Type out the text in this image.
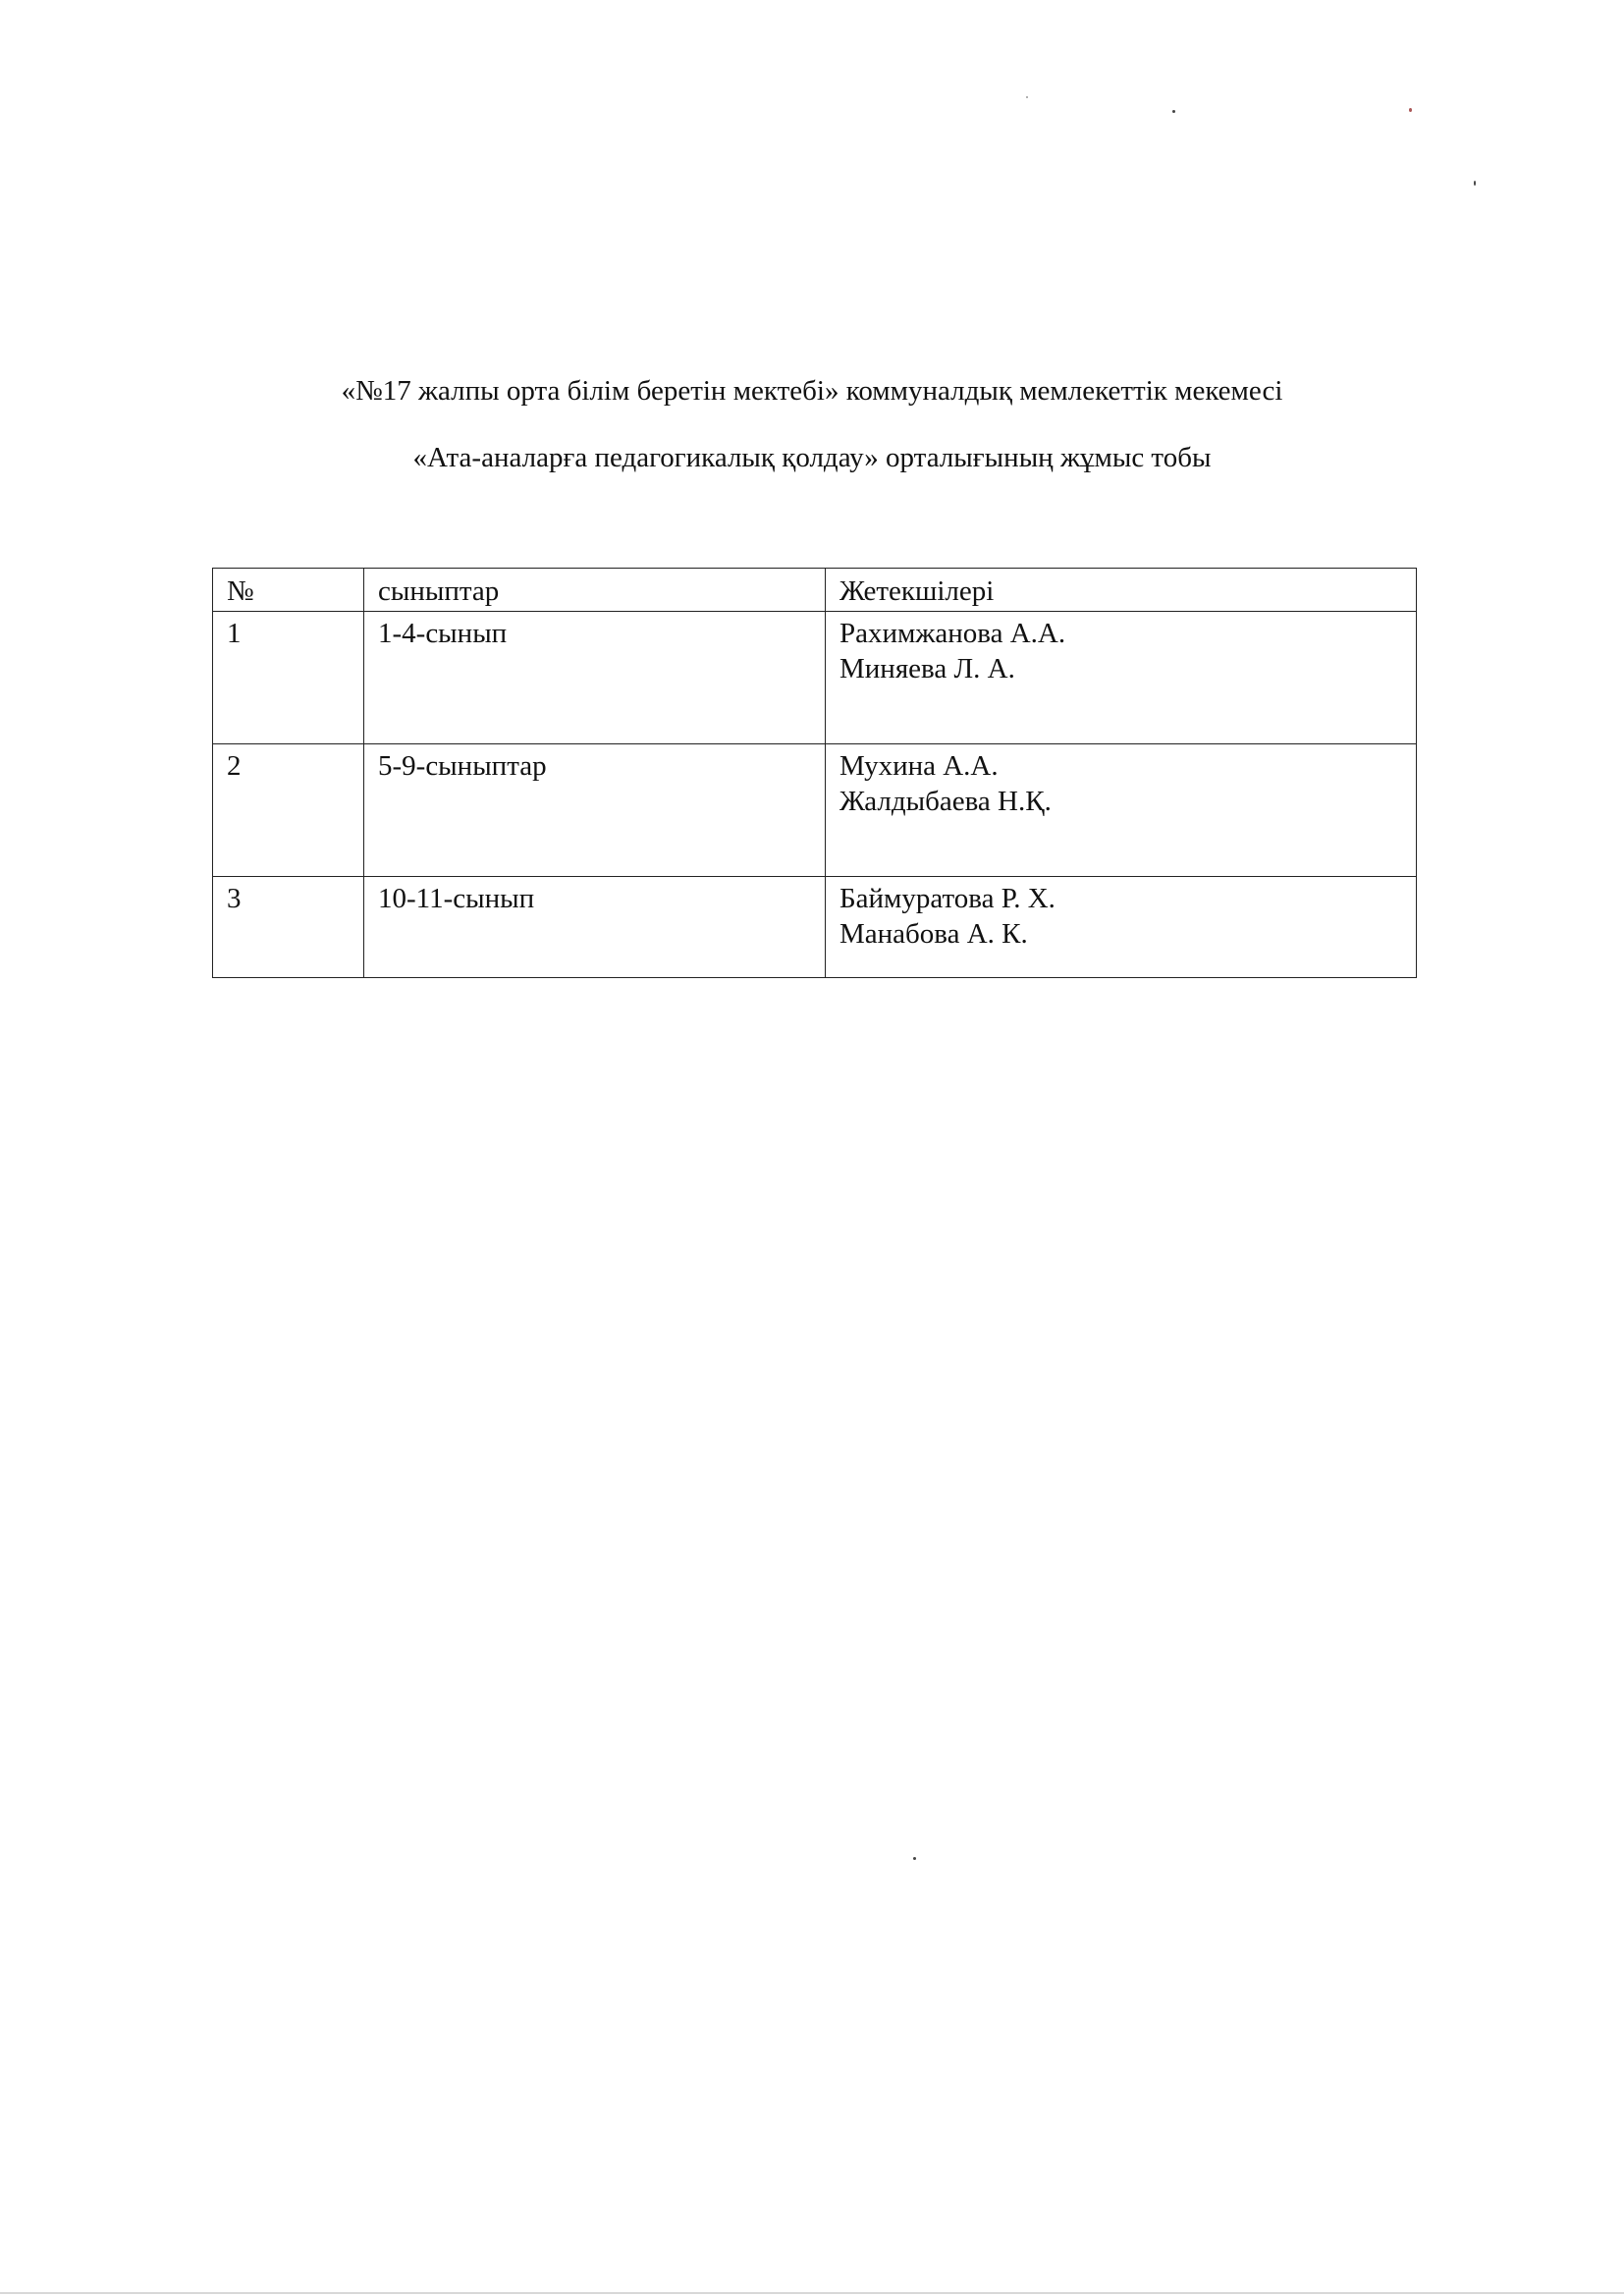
«№17 жалпы орта білім беретін мектебі» коммуналдық мемлекеттік мекемесі
«Ата-аналарға педагогикалық қолдау» орталығының жұмыс тобы
№	сыныптар	Жетекшілері
1	1-4-сынып	Рахимжанова А.А.
Миняева Л. А.

2	5-9-сыныптар	Мухина А.А.
Жалдыбаева Н.Қ.

3	10-11-сынып	Баймуратова Р. Х.
Манабова А. К.
